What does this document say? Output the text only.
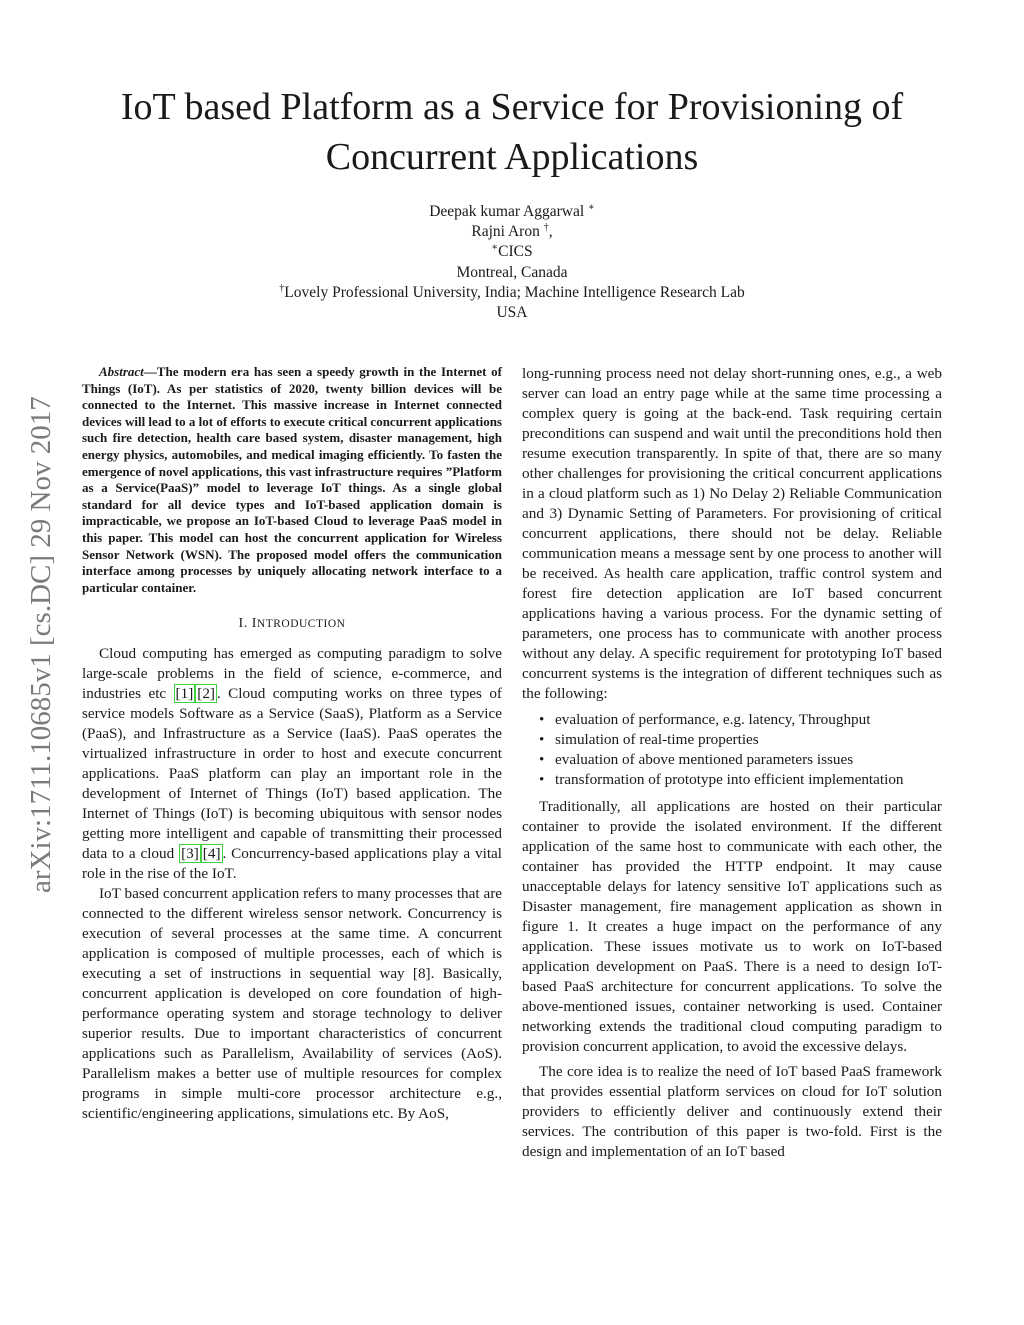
IoT based Platform as a Service for Provisioning of
Concurrent Applications
Deepak kumar Aggarwal ∗
Rajni Aron †,
∗CICS
Montreal, Canada
†Lovely Professional University, India; Machine Intelligence Research Lab
USA
arXiv:1711.10685v1 [cs.DC] 29 Nov 2017

Abstract—The modern era has seen a speedy growth in the Internet of Things (IoT). As per statistics of 2020, twenty billion devices will be connected to the Internet. This massive increase in Internet connected devices will lead to a lot of efforts to execute critical concurrent applications such fire detection, health care based system, disaster management, high energy physics, automobiles, and medical imaging efficiently. To fasten the emergence of novel applications, this vast infrastructure requires ”Platform as a Service(PaaS)” model to leverage IoT things. As a single global standard for all device types and IoT-based application domain is impracticable, we propose an IoT-based Cloud to leverage PaaS model in this paper. This model can host the concurrent application for Wireless Sensor Network (WSN). The proposed model offers the communication interface among processes by uniquely allocating network interface to a particular container.

I. INTRODUCTION

Cloud computing has emerged as computing paradigm to solve large-scale problems in the field of science, e-commerce, and industries etc [1] [2] . Cloud computing works on three types of service models Software as a Service (SaaS), Platform as a Service (PaaS), and Infrastructure as a Service (IaaS). PaaS operates the virtualized infrastructure in order to host and execute concurrent applications. PaaS platform can play an important role in the development of Internet of Things (IoT) based application. The Internet of Things (IoT) is becoming ubiquitous with sensor nodes getting more intelligent and capable of transmitting their processed data to a cloud [3] [4] . Concurrency-based applications play a vital role in the rise of the IoT.

IoT based concurrent application refers to many processes that are connected to the different wireless sensor network. Concurrency is execution of several processes at the same time. A concurrent application is composed of multiple processes, each of which is executing a set of instructions in sequential way [8]. Basically, concurrent application is developed on core foundation of high-performance operating system and storage technology to deliver superior results. Due to important characteristics of concurrent applications such as Parallelism, Availability of services (AoS). Parallelism makes a better use of multiple resources for complex programs in simple multi-core processor architecture e.g., scientific/engineering applications, simulations etc. By AoS,

long-running process need not delay short-running ones, e.g., a web server can load an entry page while at the same time processing a complex query is going at the back-end. Task requiring certain preconditions can suspend and wait until the preconditions hold then resume execution transparently. In spite of that, there are so many other challenges for provisioning the critical concurrent applications in a cloud platform such as 1) No Delay 2) Reliable Communication and 3) Dynamic Setting of Parameters. For provisioning of critical concurrent applications, there should not be delay. Reliable communication means a message sent by one process to another will be received. As health care application, traffic control system and forest fire detection application are IoT based concurrent applications having a various process. For the dynamic setting of parameters, one process has to communicate with another process without any delay. A specific requirement for prototyping IoT based concurrent systems is the integration of different techniques such as the following:

• evaluation of performance, e.g. latency, Throughput
• simulation of real-time properties
• evaluation of above mentioned parameters issues
• transformation of prototype into efficient implementation

Traditionally, all applications are hosted on their particular container to provide the isolated environment. If the different application of the same host to communicate with each other, the container has provided the HTTP endpoint. It may cause unacceptable delays for latency sensitive IoT applications such as Disaster management, fire management application as shown in figure 1. It creates a huge impact on the performance of any application. These issues motivate us to work on IoT-based application development on PaaS. There is a need to design IoT-based PaaS architecture for concurrent applications. To solve the above-mentioned issues, container networking is used. Container networking extends the traditional cloud computing paradigm to provision concurrent application, to avoid the excessive delays.

The core idea is to realize the need of IoT based PaaS framework that provides essential platform services on cloud for IoT solution providers to efficiently deliver and continuously extend their services. The contribution of this paper is two-fold. First is the design and implementation of an IoT based
